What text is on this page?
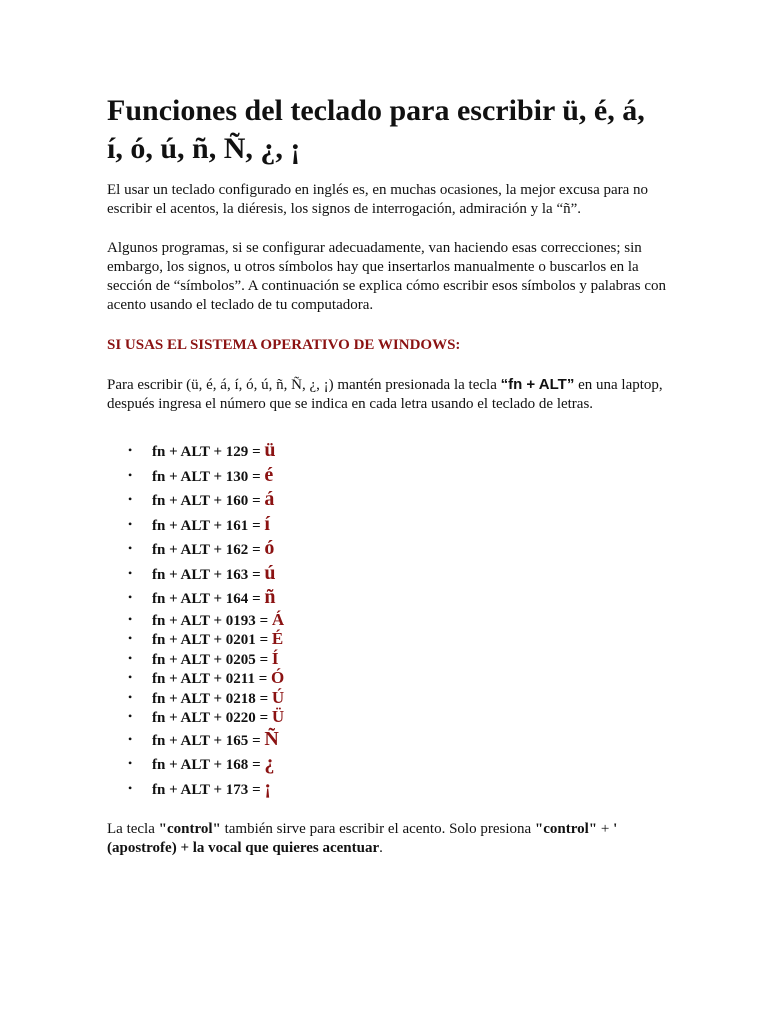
Funciones del teclado para escribir ü, é, á, í, ó, ú, ñ, Ñ, ¿, ¡

El usar un teclado configurado en inglés es, en muchas ocasiones, la mejor excusa para no escribir el acentos, la diéresis, los signos de interrogación, admiración y la “ñ”.

Algunos programas, si se configurar adecuadamente, van haciendo esas correcciones; sin embargo, los signos, u otros símbolos hay que insertarlos manualmente o buscarlos en la sección de “símbolos”. A continuación se explica cómo escribir esos símbolos y palabras con acento usando el teclado de tu computadora.

SI USAS EL SISTEMA OPERATIVO DE WINDOWS:

Para escribir (ü, é, á, í, ó, ú, ñ, Ñ, ¿, ¡) mantén presionada la tecla “fn + ALT” en una laptop, después ingresa el número que se indica en cada letra usando el teclado de letras.

• fn + ALT + 129 = ü
• fn + ALT + 130 = é
• fn + ALT + 160 = á
• fn + ALT + 161 = í
• fn + ALT + 162 = ó
• fn + ALT + 163 = ú
• fn + ALT + 164 = ñ
• fn + ALT + 0193 = Á
• fn + ALT + 0201 = É
• fn + ALT + 0205 = Í
• fn + ALT + 0211 = Ó
• fn + ALT + 0218 = Ú
• fn + ALT + 0220 = Ü
• fn + ALT + 165 = Ñ
• fn + ALT + 168 = ¿
• fn + ALT + 173 = ¡

La tecla "control" también sirve para escribir el acento. Solo presiona "control" + ' (apostrofe) + la vocal que quieres acentuar.
